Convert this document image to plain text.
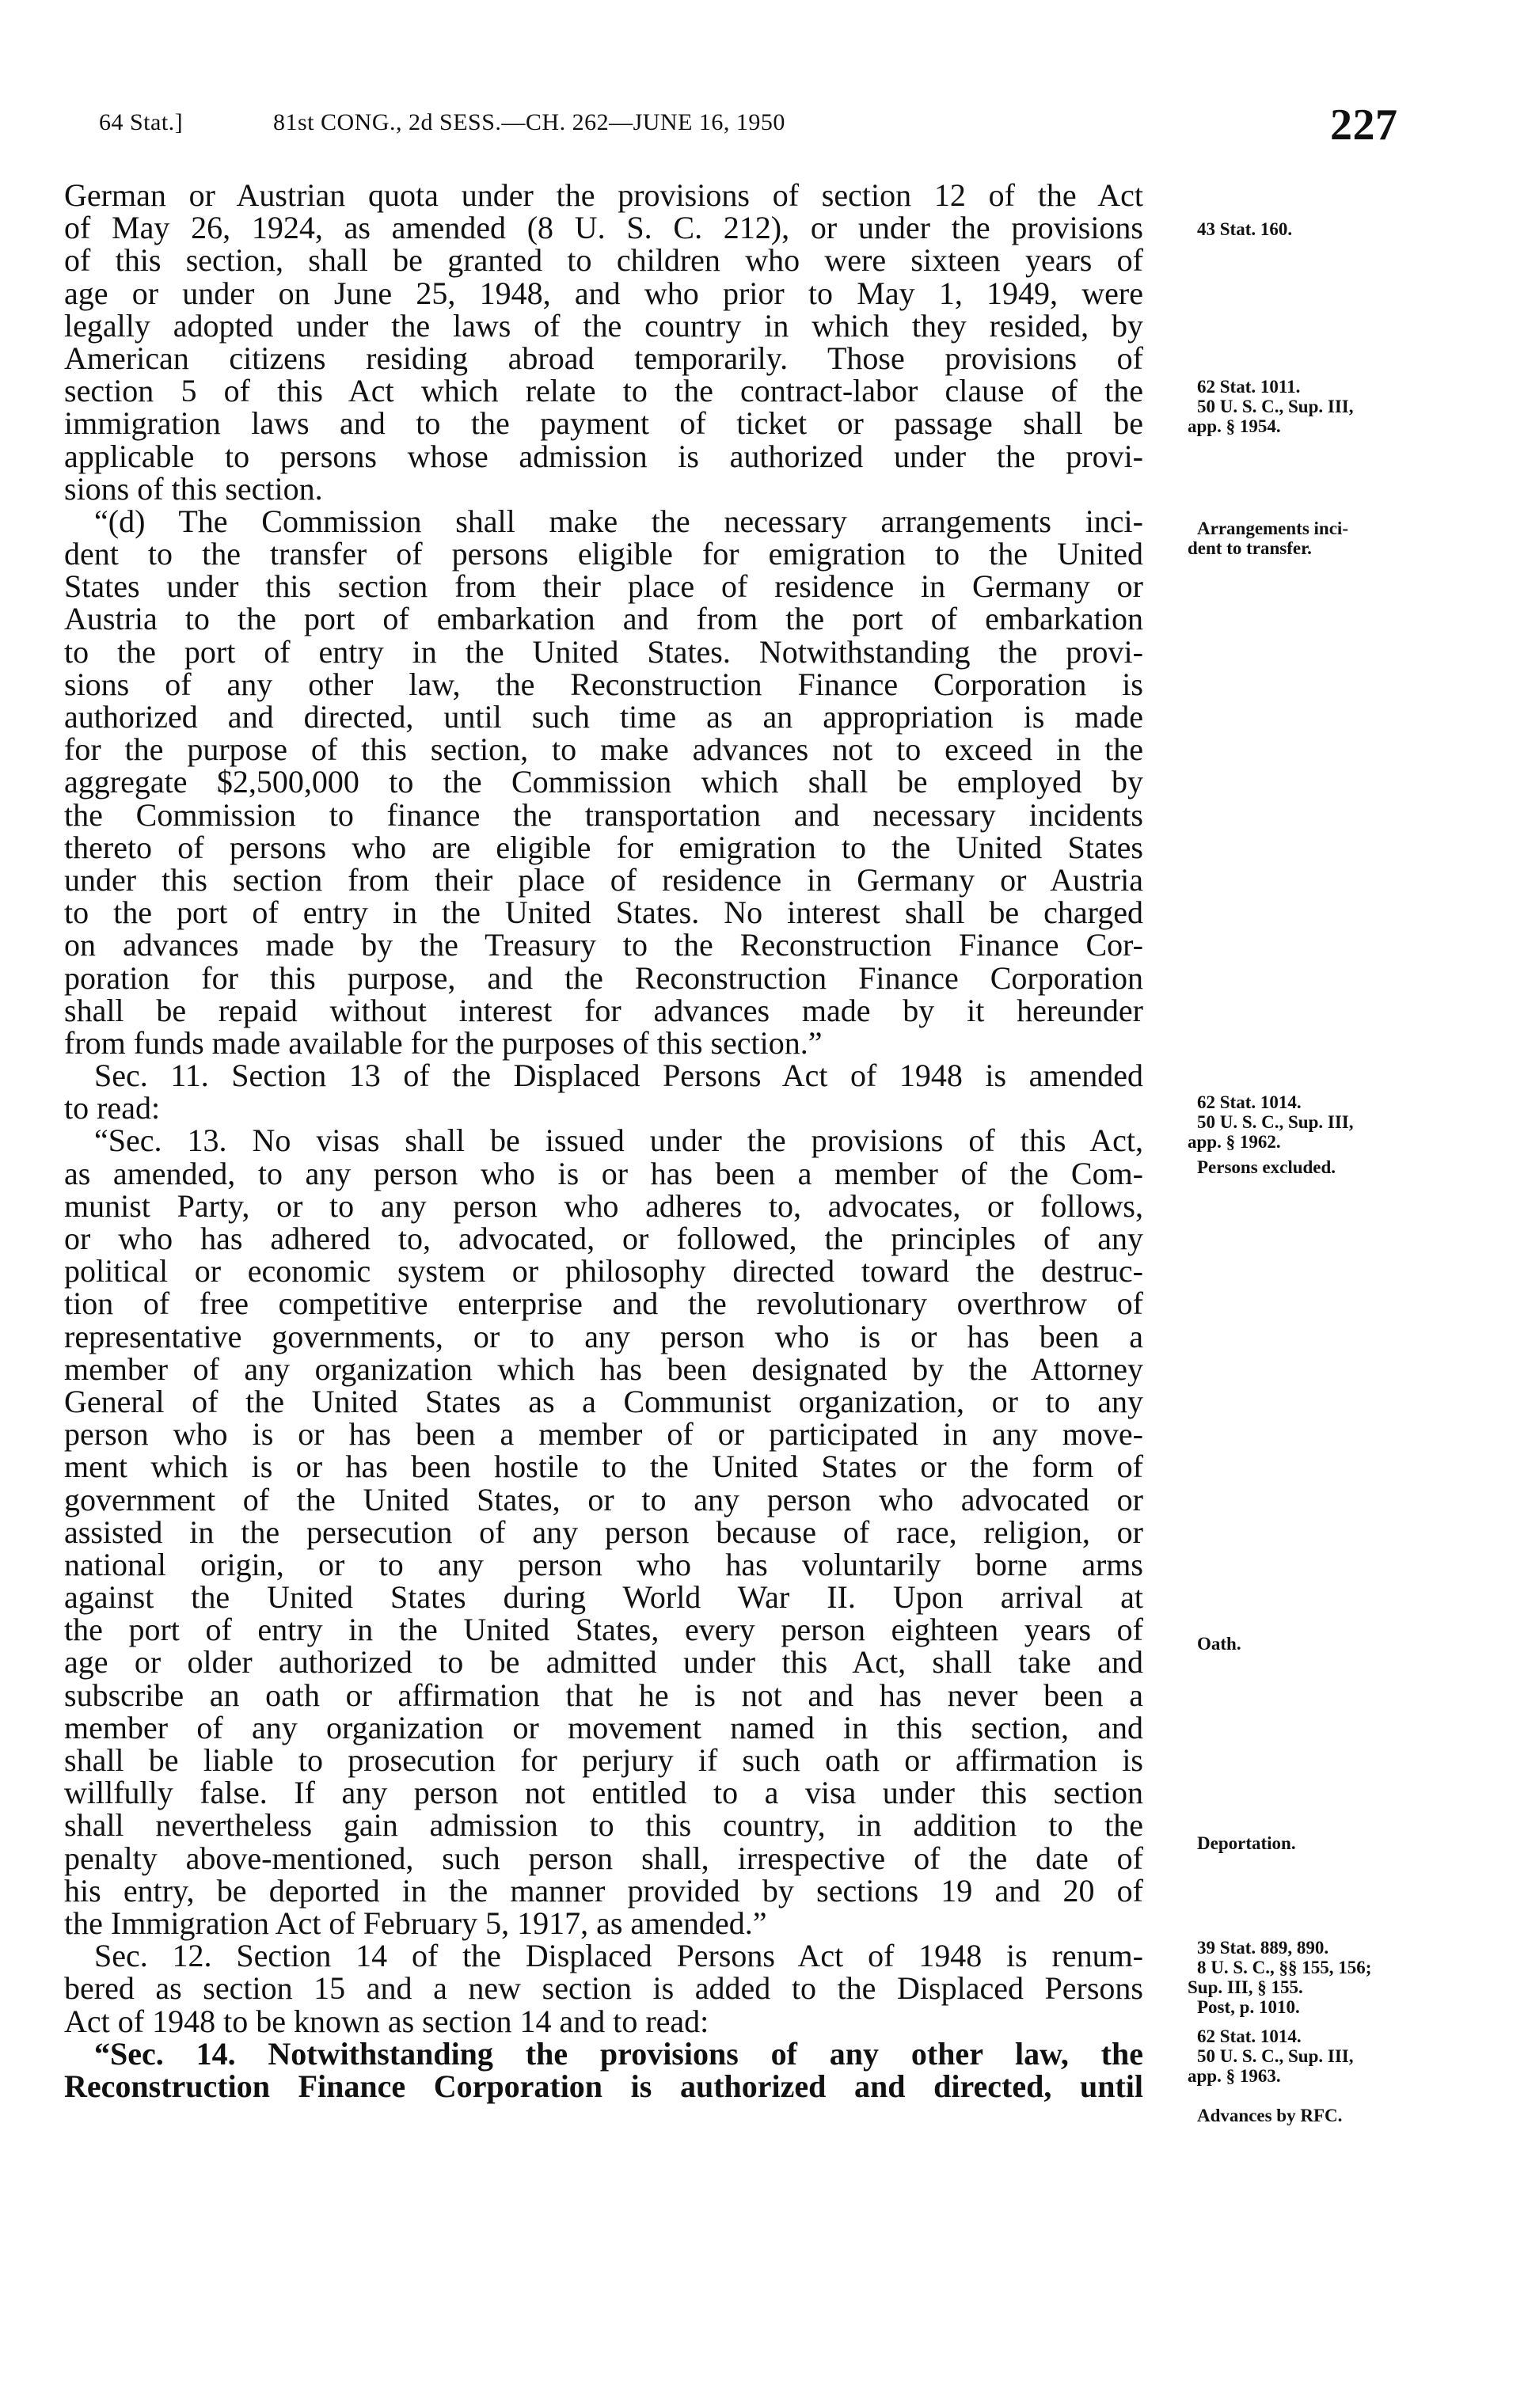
64 Stat.]	81st CONG., 2d SESS.—CH. 262—JUNE 16, 1950	227
German or Austrian quota under the provisions of section 12 of the Act
of May 26, 1924, as amended (8 U. S. C. 212), or under the provisions
of this section, shall be granted to children who were sixteen years of
age or under on June 25, 1948, and who prior to May 1, 1949, were
legally adopted under the laws of the country in which they resided, by
American citizens residing abroad temporarily. Those provisions of
section 5 of this Act which relate to the contract-labor clause of the
immigration laws and to the payment of ticket or passage shall be
applicable to persons whose admission is authorized under the provi-
sions of this section.
“(d) The Commission shall make the necessary arrangements inci-
dent to the transfer of persons eligible for emigration to the United
States under this section from their place of residence in Germany or
Austria to the port of embarkation and from the port of embarkation
to the port of entry in the United States. Notwithstanding the provi-
sions of any other law, the Reconstruction Finance Corporation is
authorized and directed, until such time as an appropriation is made
for the purpose of this section, to make advances not to exceed in the
aggregate $2,500,000 to the Commission which shall be employed by
the Commission to finance the transportation and necessary incidents
thereto of persons who are eligible for emigration to the United States
under this section from their place of residence in Germany or Austria
to the port of entry in the United States. No interest shall be charged
on advances made by the Treasury to the Reconstruction Finance Cor-
poration for this purpose, and the Reconstruction Finance Corporation
shall be repaid without interest for advances made by it hereunder
from funds made available for the purposes of this section.”
Sec. 11. Section 13 of the Displaced Persons Act of 1948 is amended
to read:
“Sec. 13. No visas shall be issued under the provisions of this Act,
as amended, to any person who is or has been a member of the Com-
munist Party, or to any person who adheres to, advocates, or follows,
or who has adhered to, advocated, or followed, the principles of any
political or economic system or philosophy directed toward the destruc-
tion of free competitive enterprise and the revolutionary overthrow of
representative governments, or to any person who is or has been a
member of any organization which has been designated by the Attorney
General of the United States as a Communist organization, or to any
person who is or has been a member of or participated in any move-
ment which is or has been hostile to the United States or the form of
government of the United States, or to any person who advocated or
assisted in the persecution of any person because of race, religion, or
national origin, or to any person who has voluntarily borne arms
against the United States during World War II. Upon arrival at
the port of entry in the United States, every person eighteen years of
age or older authorized to be admitted under this Act, shall take and
subscribe an oath or affirmation that he is not and has never been a
member of any organization or movement named in this section, and
shall be liable to prosecution for perjury if such oath or affirmation is
willfully false. If any person not entitled to a visa under this section
shall nevertheless gain admission to this country, in addition to the
penalty above-mentioned, such person shall, irrespective of the date of
his entry, be deported in the manner provided by sections 19 and 20 of
the Immigration Act of February 5, 1917, as amended.”
Sec. 12. Section 14 of the Displaced Persons Act of 1948 is renum-
bered as section 15 and a new section is added to the Displaced Persons
Act of 1948 to be known as section 14 and to read:
“Sec. 14. Notwithstanding the provisions of any other law, the
Reconstruction Finance Corporation is authorized and directed, until
43 Stat. 160.
62 Stat. 1011.
50 U. S. C., Sup. III,
app. § 1954.
Arrangements inci-
dent to transfer.
62 Stat. 1014.
50 U. S. C., Sup. III,
app. § 1962.
Persons excluded.
Oath.
Deportation.
39 Stat. 889, 890.
8 U. S. C., §§ 155, 156;
Sup. III, § 155.
Post, p. 1010.
62 Stat. 1014.
50 U. S. C., Sup. III,
app. § 1963.
Advances by RFC.
